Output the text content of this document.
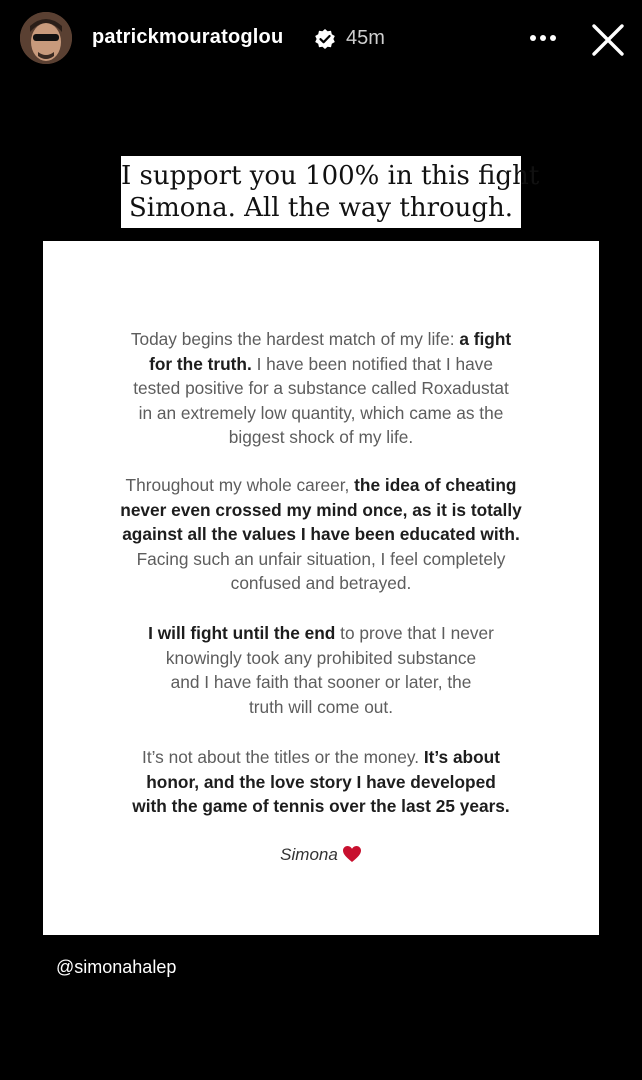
patrickmouratoglou	45m
I support you 100% in this fight
Simona. All the way through.

Today begins the hardest match of my life: a fight

for the truth. I have been notified that I have

tested positive for a substance called Roxadustat

in an extremely low quantity, which came as the

biggest shock of my life.

Throughout my whole career, the idea of cheating

never even crossed my mind once, as it is totally

against all the values I have been educated with.

Facing such an unfair situation, I feel completely

confused and betrayed.

I will fight until the end to prove that I never

knowingly took any prohibited substance

and I have faith that sooner or later, the

truth will come out.

It’s not about the titles or the money. It’s about

honor, and the love story I have developed

with the game of tennis over the last 25 years.

Simona
@simonahalep
